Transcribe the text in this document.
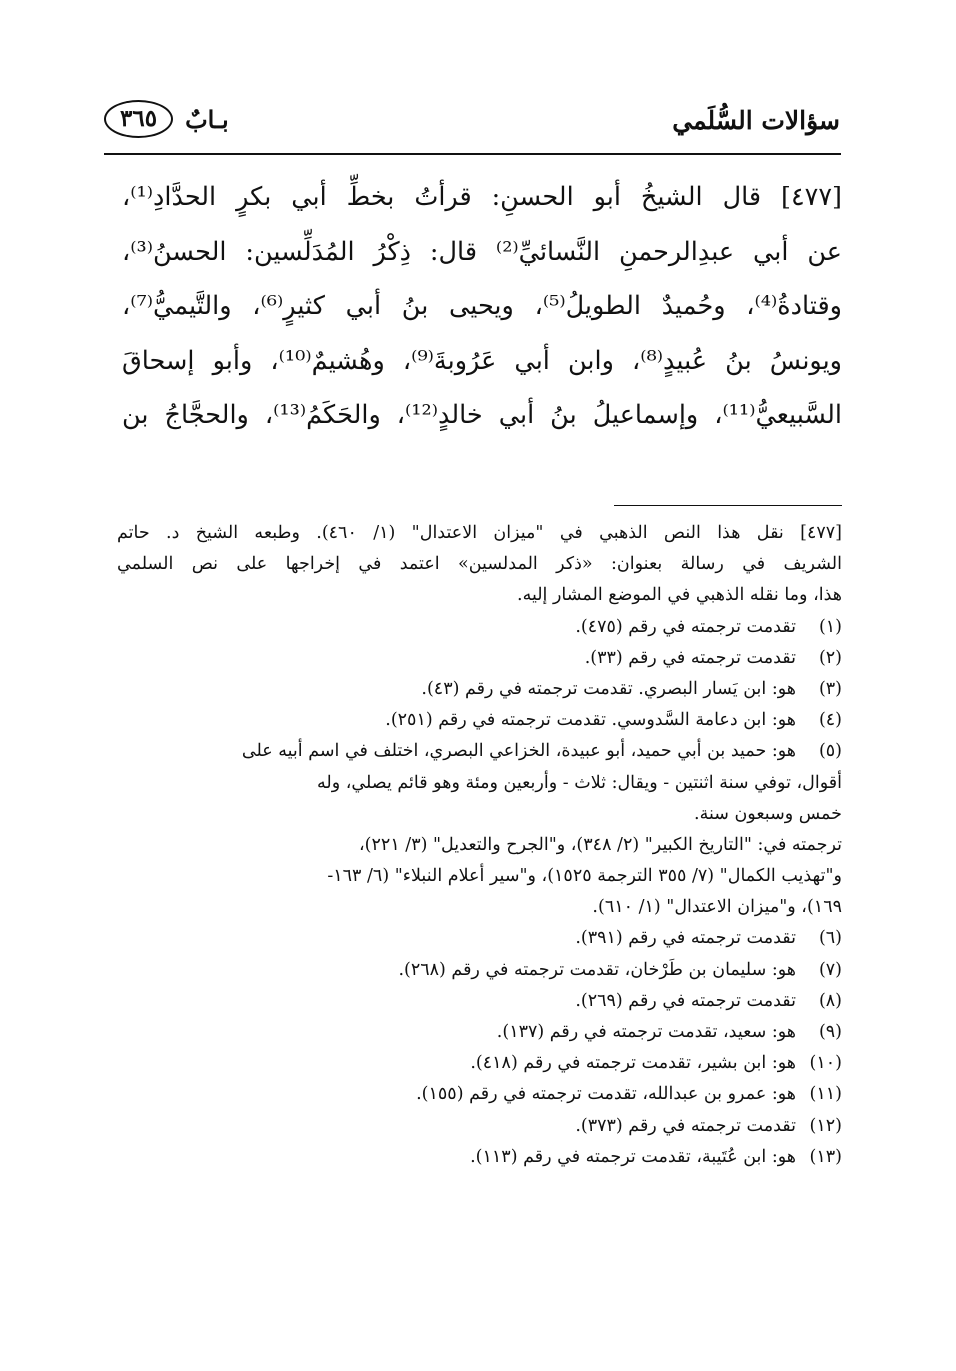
سؤالات السُّلَمي
بـابٌ
٣٦٥
[٤٧٧] قال الشيخُ أبو الحسنِ: قرأتُ بخطِّ أبي بكرٍ الحدَّادِ⁽¹⁾،
عن أبي عبدِالرحمنِ النَّسائيِّ⁽²⁾ قال: ذِكْرُ المُدَلِّسين: الحسنُ⁽³⁾،
وقتادةُ⁽⁴⁾، وحُميدٌ الطويلُ⁽⁵⁾، ويحيى بنُ أبي كثيرٍ⁽⁶⁾، والتَّيميُّ⁽⁷⁾،
ويونسُ بنُ عُبيدٍ⁽⁸⁾، وابن أبي عَرُوبةَ⁽⁹⁾، وهُشيمٌ⁽¹⁰⁾، وأبو إسحاقَ
السَّبيعيُّ⁽¹¹⁾، وإسماعيلُ بنُ أبي خالدٍ⁽¹²⁾، والحَكَمُ⁽¹³⁾، والحجَّاجُ بن
[٤٧٧] نقل هذا النص الذهبي في "ميزان الاعتدال" (١/ ٤٦٠). وطبعه الشيخ د. حاتم
الشريف في رسالة بعنوان: «ذكر المدلسين» اعتمد في إخراجها على نص السلمي
هذا، وما نقله الذهبي في الموضع المشار إليه.
(١)تقدمت ترجمته في رقم (٤٧٥).
(٢)تقدمت ترجمته في رقم (٣٣).
(٣)هو: ابن يَسار البصري. تقدمت ترجمته في رقم (٤٣).
(٤)هو: ابن دعامة السَّدوسي. تقدمت ترجمته في رقم (٢٥١).
(٥)هو: حميد بن أبي حميد، أبو عبيدة، الخزاعي البصري، اختلف في اسم أبيه على
أقوال، توفي سنة اثنتين - ويقال: ثلاث - وأربعين ومئة وهو قائم يصلي، وله
خمس وسبعون سنة.
ترجمته في: "التاريخ الكبير" (٢/ ٣٤٨)، و"الجرح والتعديل" (٣/ ٢٢١)،
و"تهذيب الكمال" (٧/ ٣٥٥ الترجمة ١٥٢٥)، و"سير أعلام النبلاء" (٦/ ١٦٣-
١٦٩)، و"ميزان الاعتدال" (١/ ٦١٠).
(٦)تقدمت ترجمته في رقم (٣٩١).
(٧)هو: سليمان بن طَرْخان، تقدمت ترجمته في رقم (٢٦٨).
(٨)تقدمت ترجمته في رقم (٢٦٩).
(٩)هو: سعيد، تقدمت ترجمته في رقم (١٣٧).
(١٠)هو: ابن بشير، تقدمت ترجمته في رقم (٤١٨).
(١١)هو: عمرو بن عبدالله، تقدمت ترجمته في رقم (١٥٥).
(١٢)تقدمت ترجمته في رقم (٣٧٣).
(١٣)هو: ابن عُتَيبة، تقدمت ترجمته في رقم (١١٣).
